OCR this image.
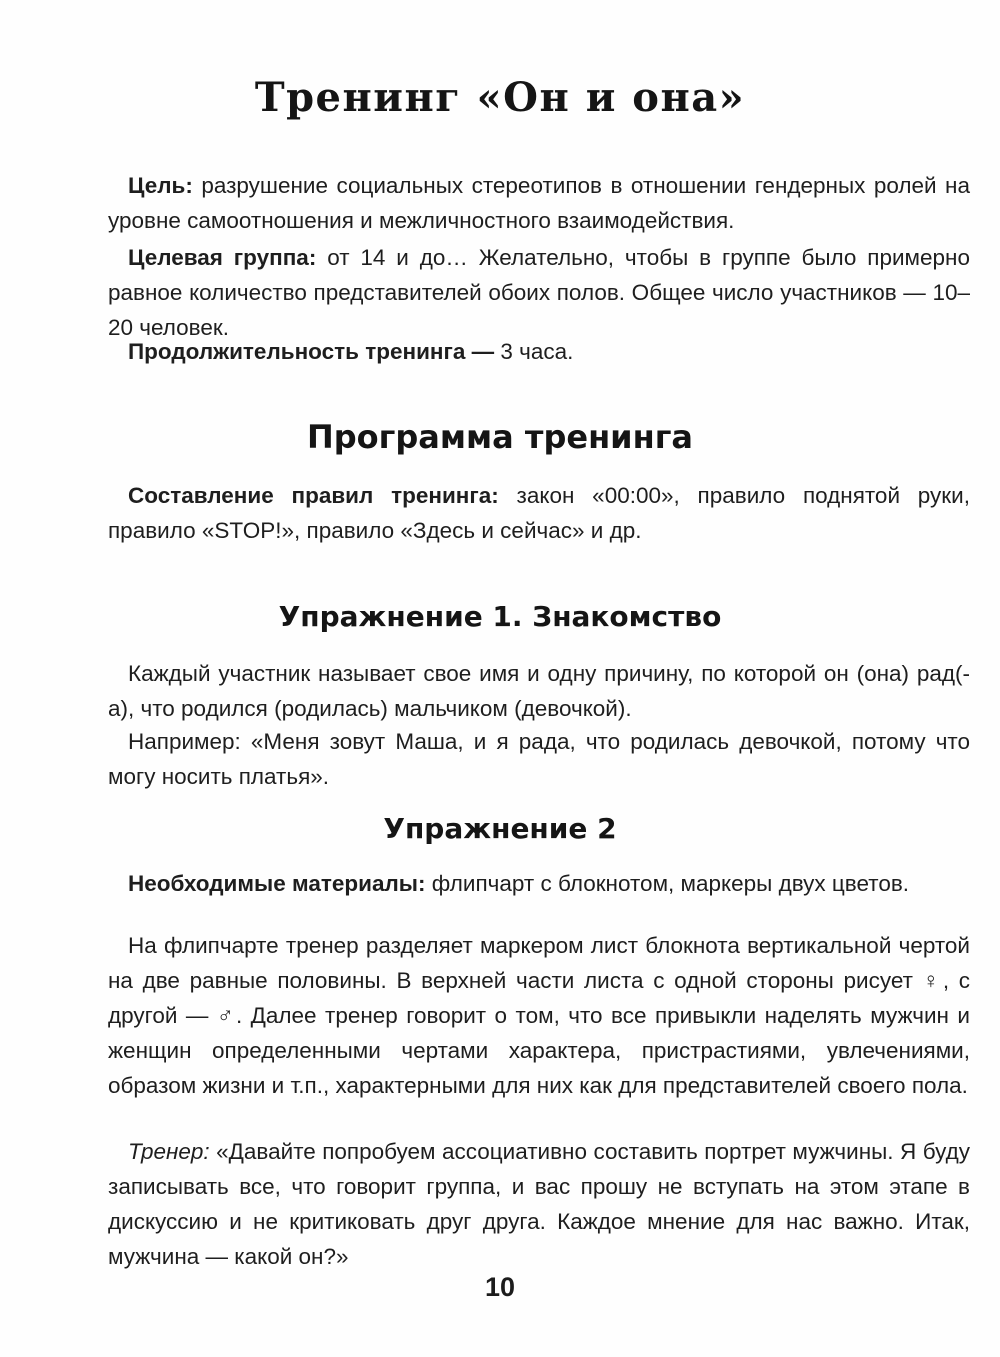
Тренинг «Он и она»

Цель: разрушение социальных стереотипов в отношении гендерных ролей на уровне самоотношения и межличностного взаимодействия.

Целевая группа: от 14 и до… Желательно, чтобы в группе было примерно равное количество представителей обоих полов. Общее число участников — 10–20 человек.

Продолжительность тренинга — 3 часа.

Программа тренинга

Составление правил тренинга: закон «00:00», правило поднятой руки, правило «STOP!», правило «Здесь и сейчас» и др.

Упражнение 1. Знакомство

Каждый участник называет свое имя и одну причину, по которой он (она) рад(-а), что родился (родилась) мальчиком (девочкой).

Например: «Меня зовут Маша, и я рада, что родилась девочкой, потому что могу носить платья».

Упражнение 2

Необходимые материалы: флипчарт с блокнотом, маркеры двух цветов.

На флипчарте тренер разделяет маркером лист блокнота вертикальной чертой на две равные половины. В верхней части листа с одной стороны рисует ♀, с другой — ♂. Далее тренер говорит о том, что все привыкли наделять мужчин и женщин определенными чертами характера, пристрастиями, увлечениями, образом жизни и т.п., характерными для них как для представителей своего пола.

Тренер: «Давайте попробуем ассоциативно составить портрет мужчины. Я буду записывать все, что говорит группа, и вас прошу не вступать на этом этапе в дискуссию и не критиковать друг друга. Каждое мнение для нас важно. Итак, мужчина — какой он?»

10
